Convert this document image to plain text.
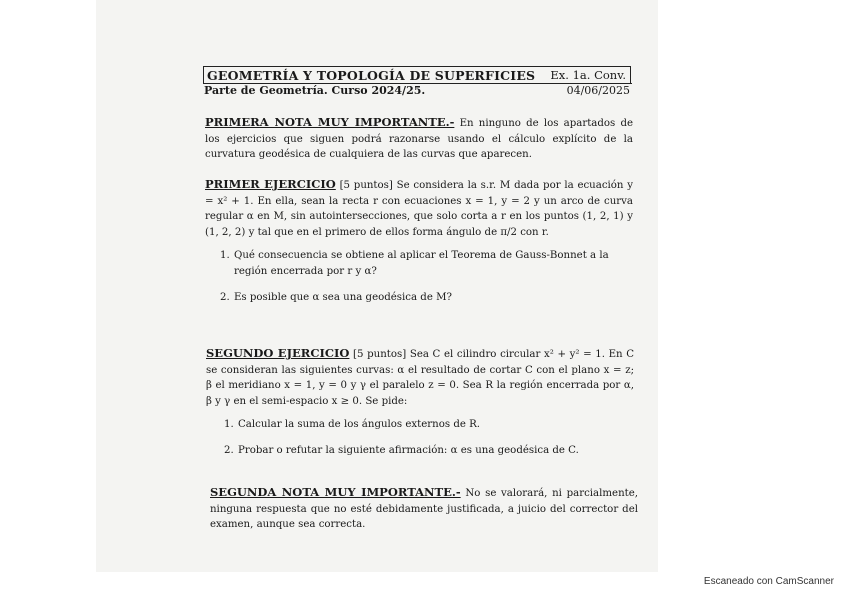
GEOMETRÍA Y TOPOLOGÍA DE SUPERFICIES Ex. 1a. Conv.
Parte de Geometría. Curso 2024/25.	04/06/2025
PRIMERA NOTA MUY IMPORTANTE.- En ninguno de los apartados de los ejercicios que siguen podrá razonarse usando el cálculo explícito de la curvatura geodésica de cualquiera de las curvas que aparecen.
PRIMER EJERCICIO [5 puntos] Se considera la s.r. M dada por la ecuación y = x² + 1. En ella, sean la recta r con ecuaciones x = 1, y = 2 y un arco de curva regular α en M, sin autointersecciones, que solo corta a r en los puntos (1, 2, 1) y (1, 2, 2) y tal que en el primero de ellos forma ángulo de π/2 con r.
1. Qué consecuencia se obtiene al aplicar el Teorema de Gauss-Bonnet a la región encerrada por r y α?
2. Es posible que α sea una geodésica de M?
SEGUNDO EJERCICIO [5 puntos] Sea C el cilindro circular x² + y² = 1. En C se consideran las siguientes curvas: α el resultado de cortar C con el plano x = z; β el meridiano x = 1, y = 0 y γ el paralelo z = 0. Sea R la región encerrada por α, β y γ en el semi-espacio x ≥ 0. Se pide:
1. Calcular la suma de los ángulos externos de R.
2. Probar o refutar la siguiente afirmación: α es una geodésica de C.
SEGUNDA NOTA MUY IMPORTANTE.- No se valorará, ni parcialmente, ninguna respuesta que no esté debidamente justificada, a juicio del corrector del examen, aunque sea correcta.
Escaneado con CamScanner
